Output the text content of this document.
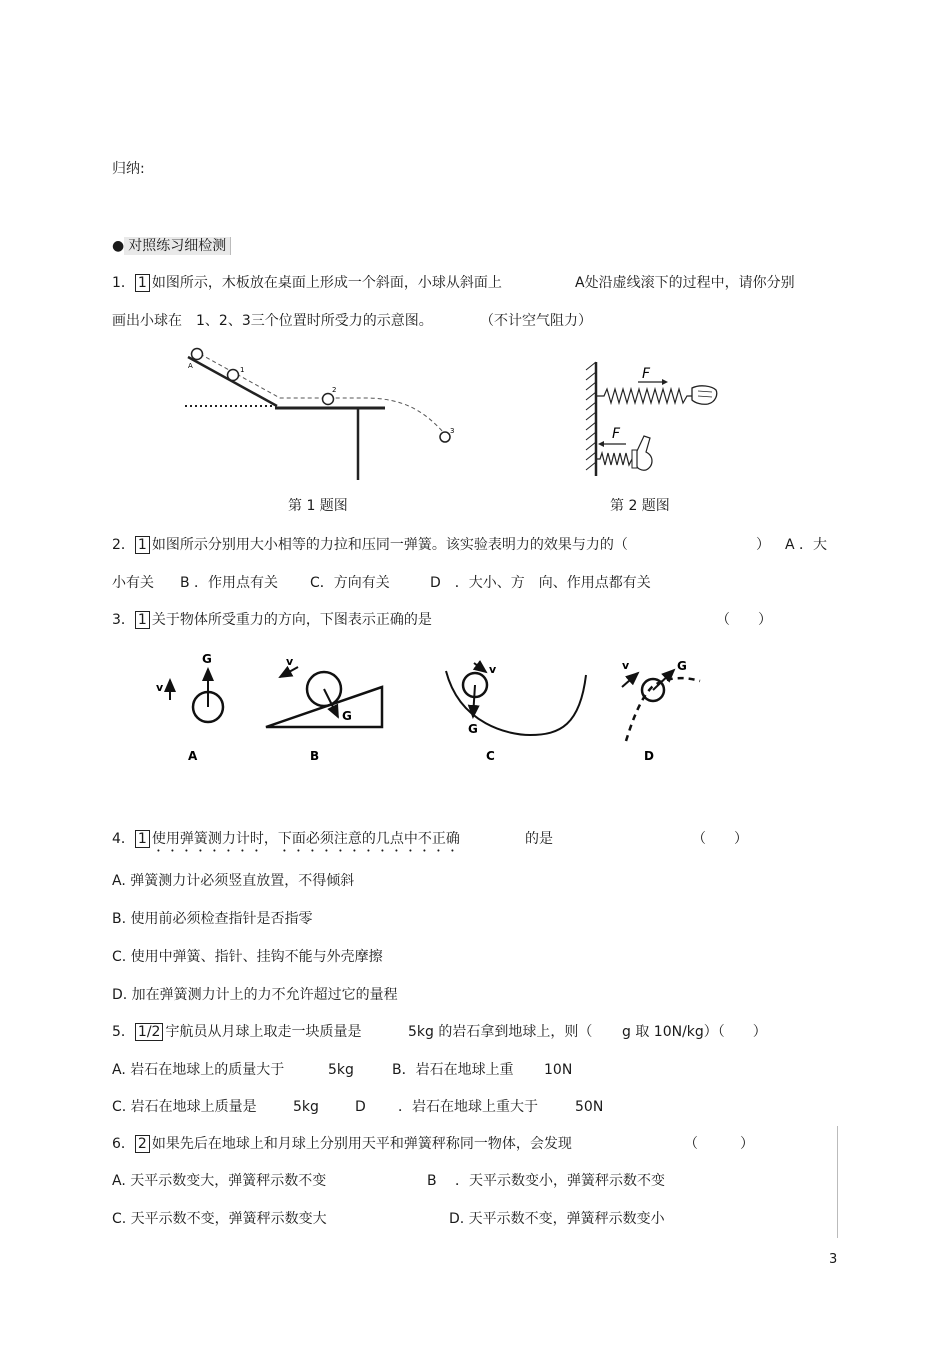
归纳:
● 对照练习细检测
1． 1 如图所示，木板放在桌面上形成一个斜面，小球从斜面上	A处沿虚线滚下的过程中，请你分别
画出小球在　1、2、3三个位置时所受力的示意图。	（不计空气阻力）
A	1
2
3
第 1 题图
F
F
第 2 题图
2． 1 如图所示分别用大小相等的力拉和压同一弹簧。该实验表明力的效果与力的（	） A ．大
小有关 B ．作用点有关 C．方向有关	D　．大小、方　向、作用点都有关
3． 1 关于物体所受重力的方向，下图表示正确的是	（　　）
G
v
A
G
v
B
G
v
C
G
v
D
4． 1 使用弹簧测力计时，下面必须注意的几点中不正确	的是	（　　）
A. 弹簧测力计必须竖直放置，不得倾斜
B. 使用前必须检查指针是否指零
C. 使用中弹簧、指针、挂钩不能与外壳摩擦
D. 加在弹簧测力计上的力不允许超过它的量程
5． 1/2 宇航员从月球上取走一块质量是	5kg 的岩石拿到地球上，则（ g 取 10N/kg）（　　）
A. 岩石在地球上的质量大于	5kg	B．岩石在地球上重 10N
C. 岩石在地球上质量是	5kg	D ．岩石在地球上重大于	50N
6． 2 如果先后在地球上和月球上分别用天平和弹簧秤称同一物体，会发现	（　　　）
A. 天平示数变大，弹簧秤示数不变	B ．天平示数变小，弹簧秤示数不变
C. 天平示数不变，弹簧秤示数变大	D. 天平示数不变，弹簧秤示数变小
3
